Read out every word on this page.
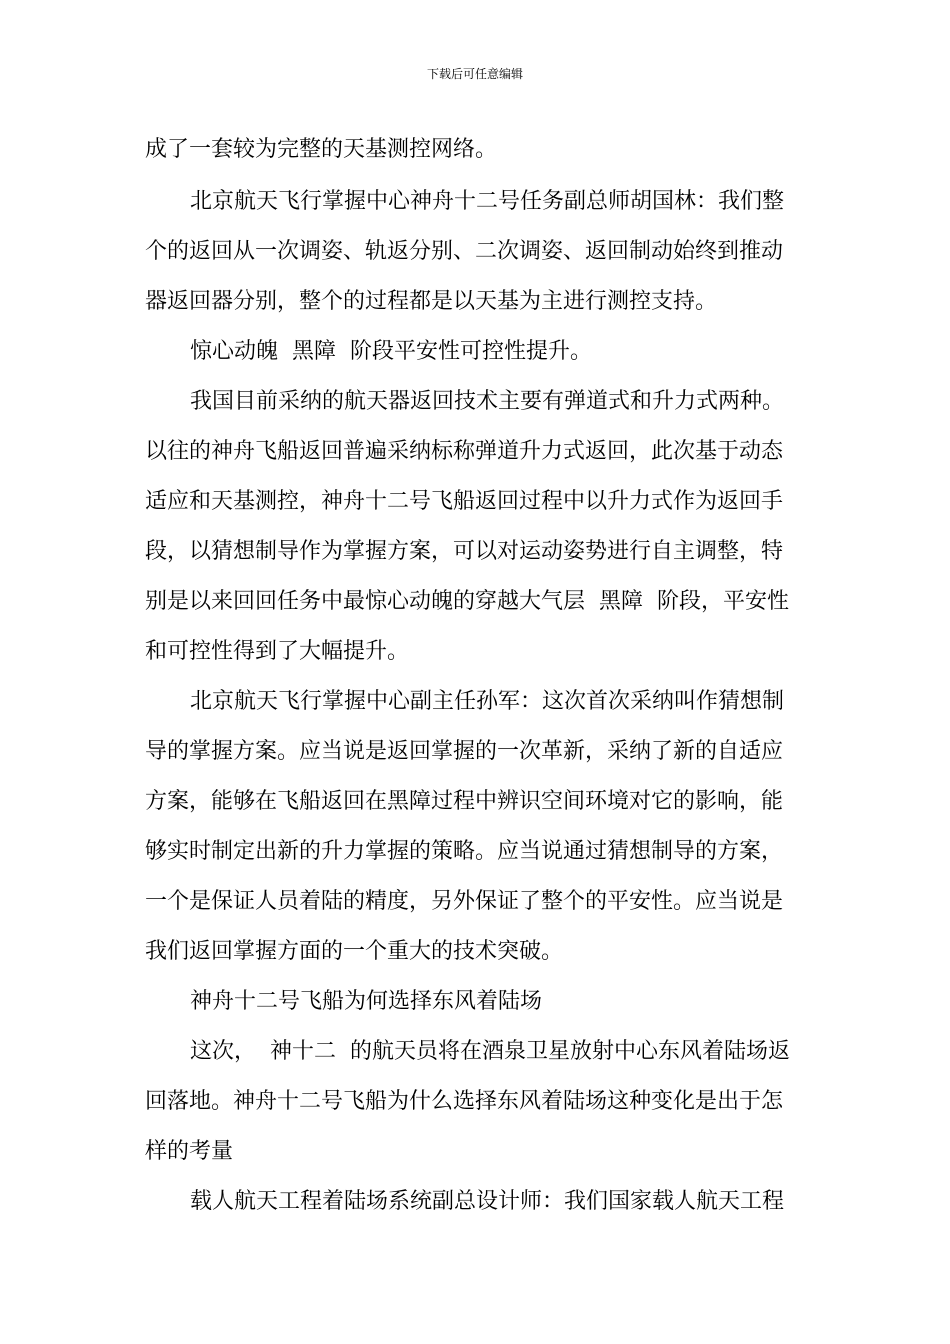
下载后可任意编辑
成了一套较为完整的天基测控网络。
北京航天飞行掌握中心神舟十二号任务副总师胡国林：我们整
个的返回从一次调姿、轨返分别、二次调姿、返回制动始终到推动
器返回器分别，整个的过程都是以天基为主进行测控支持。
惊心动魄  黑障  阶段平安性可控性提升。
我国目前采纳的航天器返回技术主要有弹道式和升力式两种。
以往的神舟飞船返回普遍采纳标称弹道升力式返回，此次基于动态
适应和天基测控，神舟十二号飞船返回过程中以升力式作为返回手
段，以猜想制导作为掌握方案，可以对运动姿势进行自主调整，特
别是以来回回任务中最惊心动魄的穿越大气层  黑障  阶段，平安性
和可控性得到了大幅提升。
北京航天飞行掌握中心副主任孙军：这次首次采纳叫作猜想制
导的掌握方案。应当说是返回掌握的一次革新，采纳了新的自适应
方案，能够在飞船返回在黑障过程中辨识空间环境对它的影响，能
够实时制定出新的升力掌握的策略。应当说通过猜想制导的方案，
一个是保证人员着陆的精度，另外保证了整个的平安性。应当说是
我们返回掌握方面的一个重大的技术突破。
神舟十二号飞船为何选择东风着陆场
这次，  神十二  的航天员将在酒泉卫星放射中心东风着陆场返
回落地。神舟十二号飞船为什么选择东风着陆场这种变化是出于怎
样的考量
载人航天工程着陆场系统副总设计师：我们国家载人航天工程
